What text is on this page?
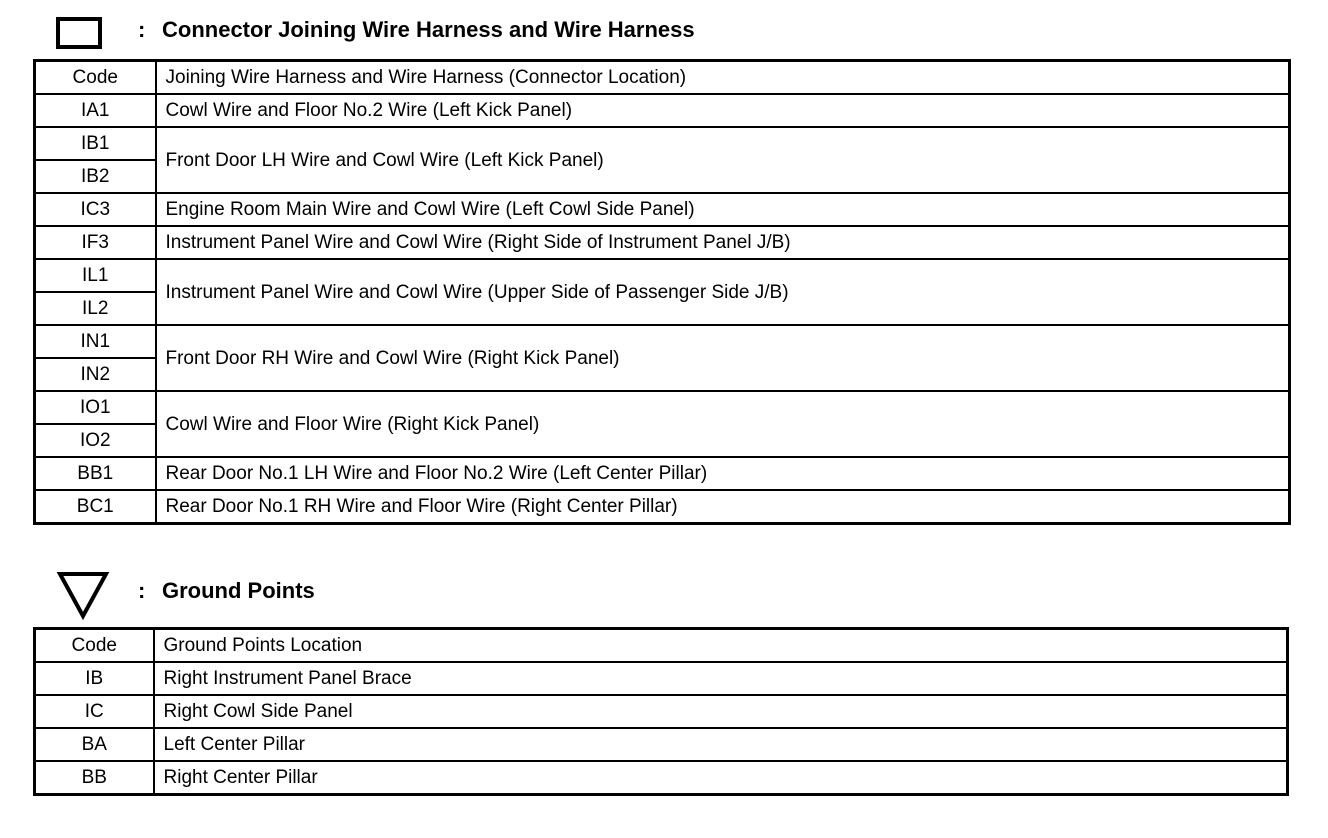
: Connector Joining Wire Harness and Wire Harness
Code	Joining Wire Harness and Wire Harness (Connector Location)
IA1	Cowl Wire and Floor No.2 Wire (Left Kick Panel)
IB1	Front Door LH Wire and Cowl Wire (Left Kick Panel)
IB2	
IC3	Engine Room Main Wire and Cowl Wire (Left Cowl Side Panel)
IF3	Instrument Panel Wire and Cowl Wire (Right Side of Instrument Panel J/B)
IL1	Instrument Panel Wire and Cowl Wire (Upper Side of Passenger Side J/B)
IL2	
IN1	Front Door RH Wire and Cowl Wire (Right Kick Panel)
IN2	
IO1	Cowl Wire and Floor Wire (Right Kick Panel)
IO2	
BB1	Rear Door No.1 LH Wire and Floor No.2 Wire (Left Center Pillar)
BC1	Rear Door No.1 RH Wire and Floor Wire (Right Center Pillar)
: Ground Points
Code	Ground Points Location
IB	Right Instrument Panel Brace
IC	Right Cowl Side Panel
BA	Left Center Pillar
BB	Right Center Pillar
